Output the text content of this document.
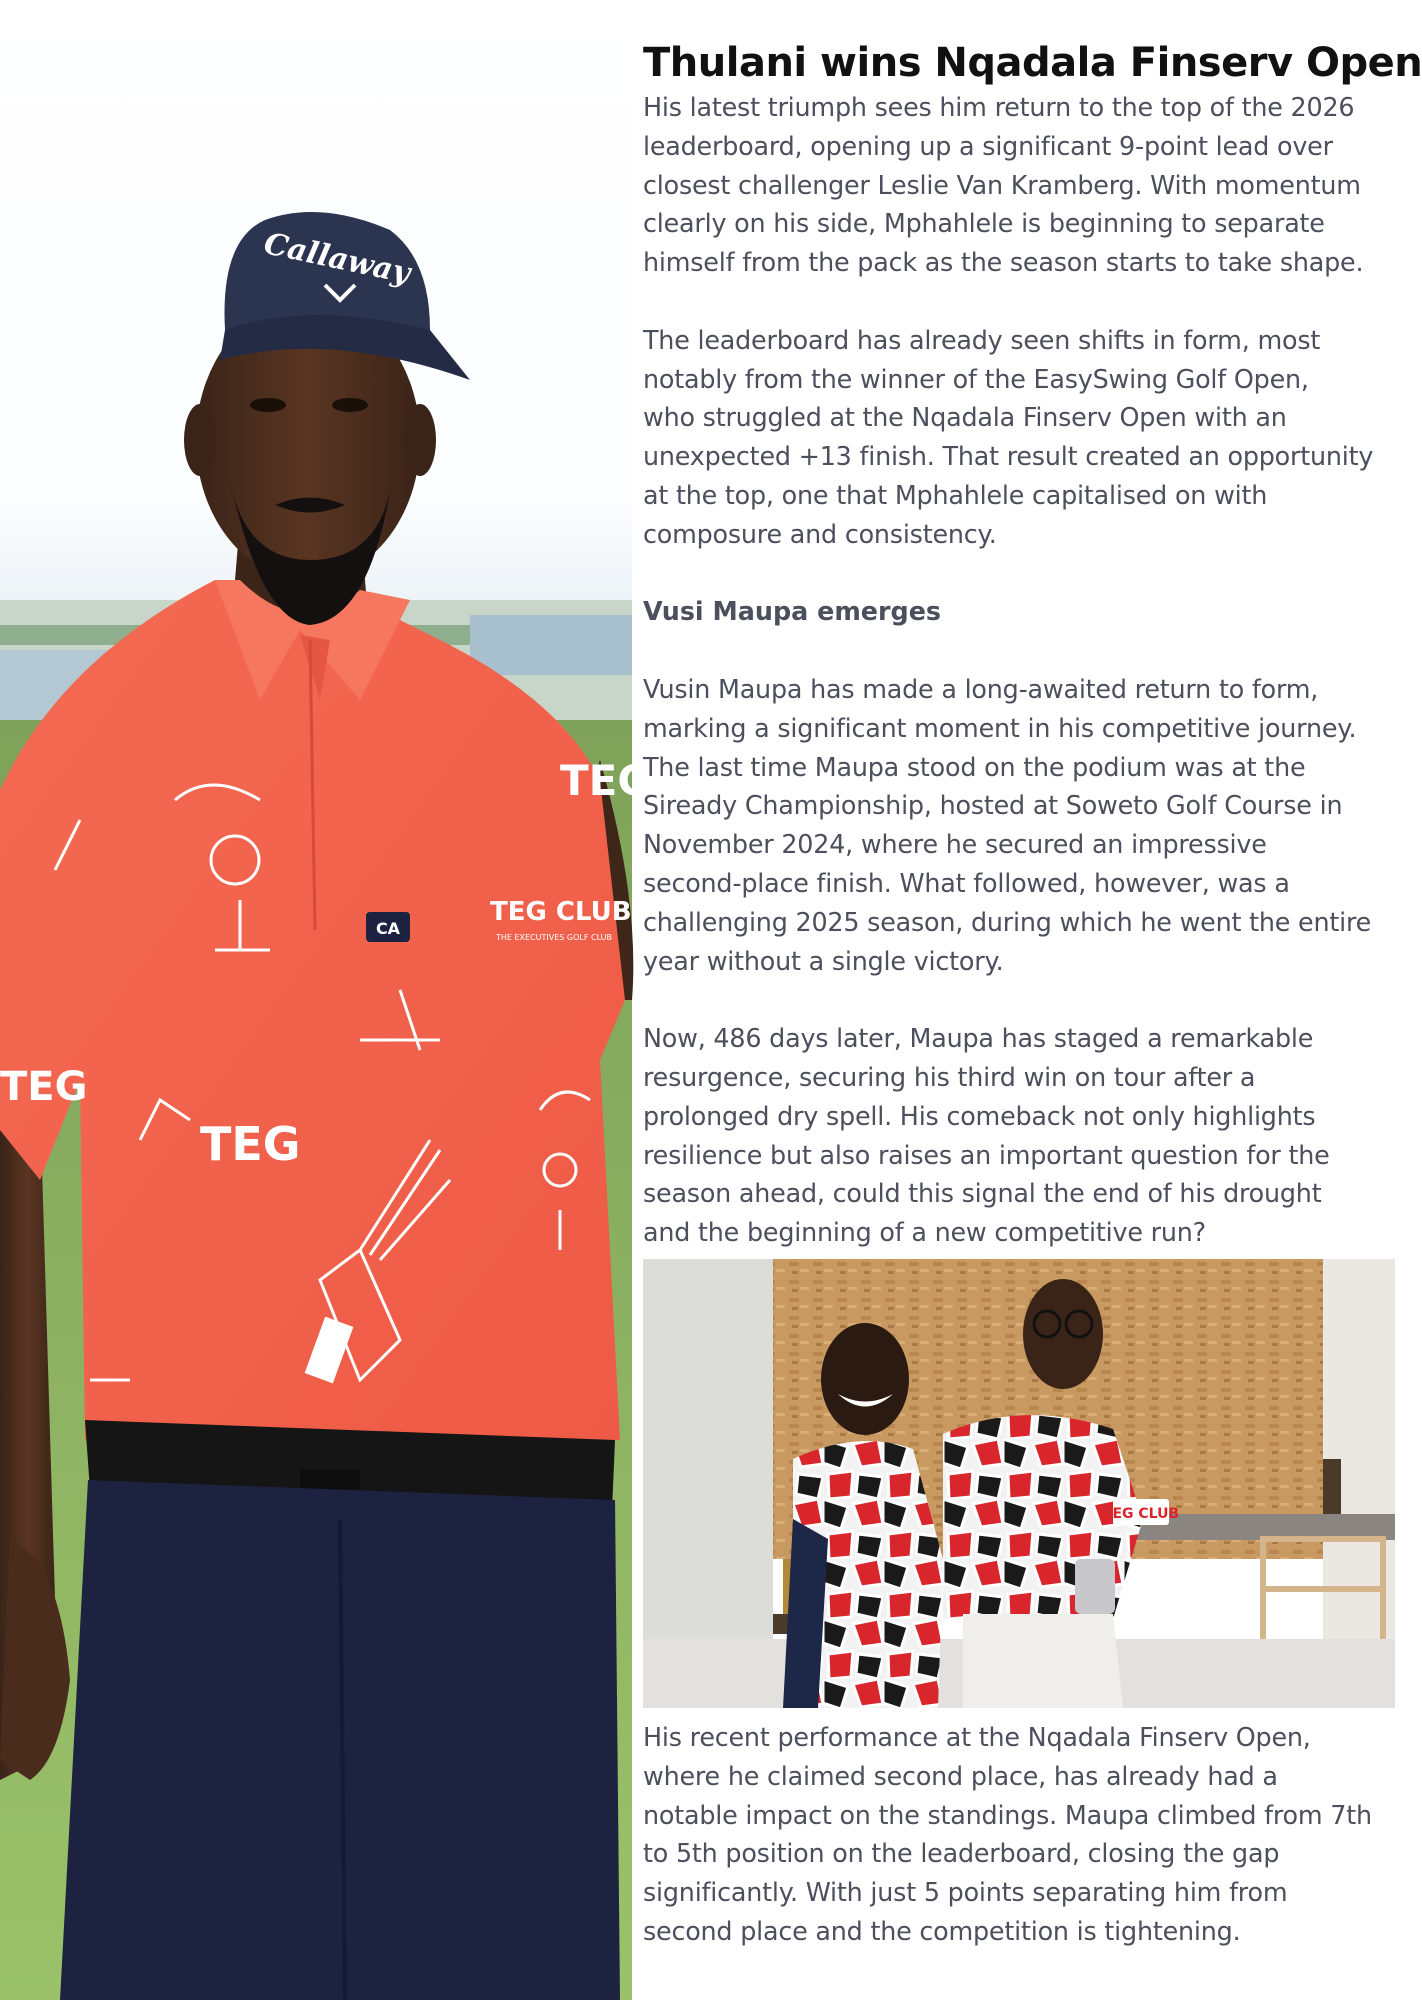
CA
TEG CLUB
THE EXECUTIVES GOLF CLUB
TEG
TEG
TEG
Callaway
Thulani wins Nqadala Finserv Open

His latest triumph sees him return to the top of the 2026

leaderboard, opening up a significant 9-point lead over

closest challenger Leslie Van Kramberg. With momentum

clearly on his side, Mphahlele is beginning to separate

himself from the pack as the season starts to take shape.

The leaderboard has already seen shifts in form, most

notably from the winner of the EasySwing Golf Open,

who struggled at the Nqadala Finserv Open with an

unexpected +13 finish. That result created an opportunity

at the top, one that Mphahlele capitalised on with

composure and consistency.

Vusi Maupa emerges

Vusin Maupa has made a long-awaited return to form,

marking a significant moment in his competitive journey.

The last time Maupa stood on the podium was at the

Siready Championship, hosted at Soweto Golf Course in

November 2024, where he secured an impressive

second-place finish. What followed, however, was a

challenging 2025 season, during which he went the entire

year without a single victory.

Now, 486 days later, Maupa has staged a remarkable

resurgence, securing his third win on tour after a

prolonged dry spell. His comeback not only highlights

resilience but also raises an important question for the

season ahead, could this signal the end of his drought

and the beginning of a new competitive run?

TEG CLUB

His recent performance at the Nqadala Finserv Open,

where he claimed second place, has already had a

notable impact on the standings. Maupa climbed from 7th

to 5th position on the leaderboard, closing the gap

significantly. With just 5 points separating him from

second place and the competition is tightening.
